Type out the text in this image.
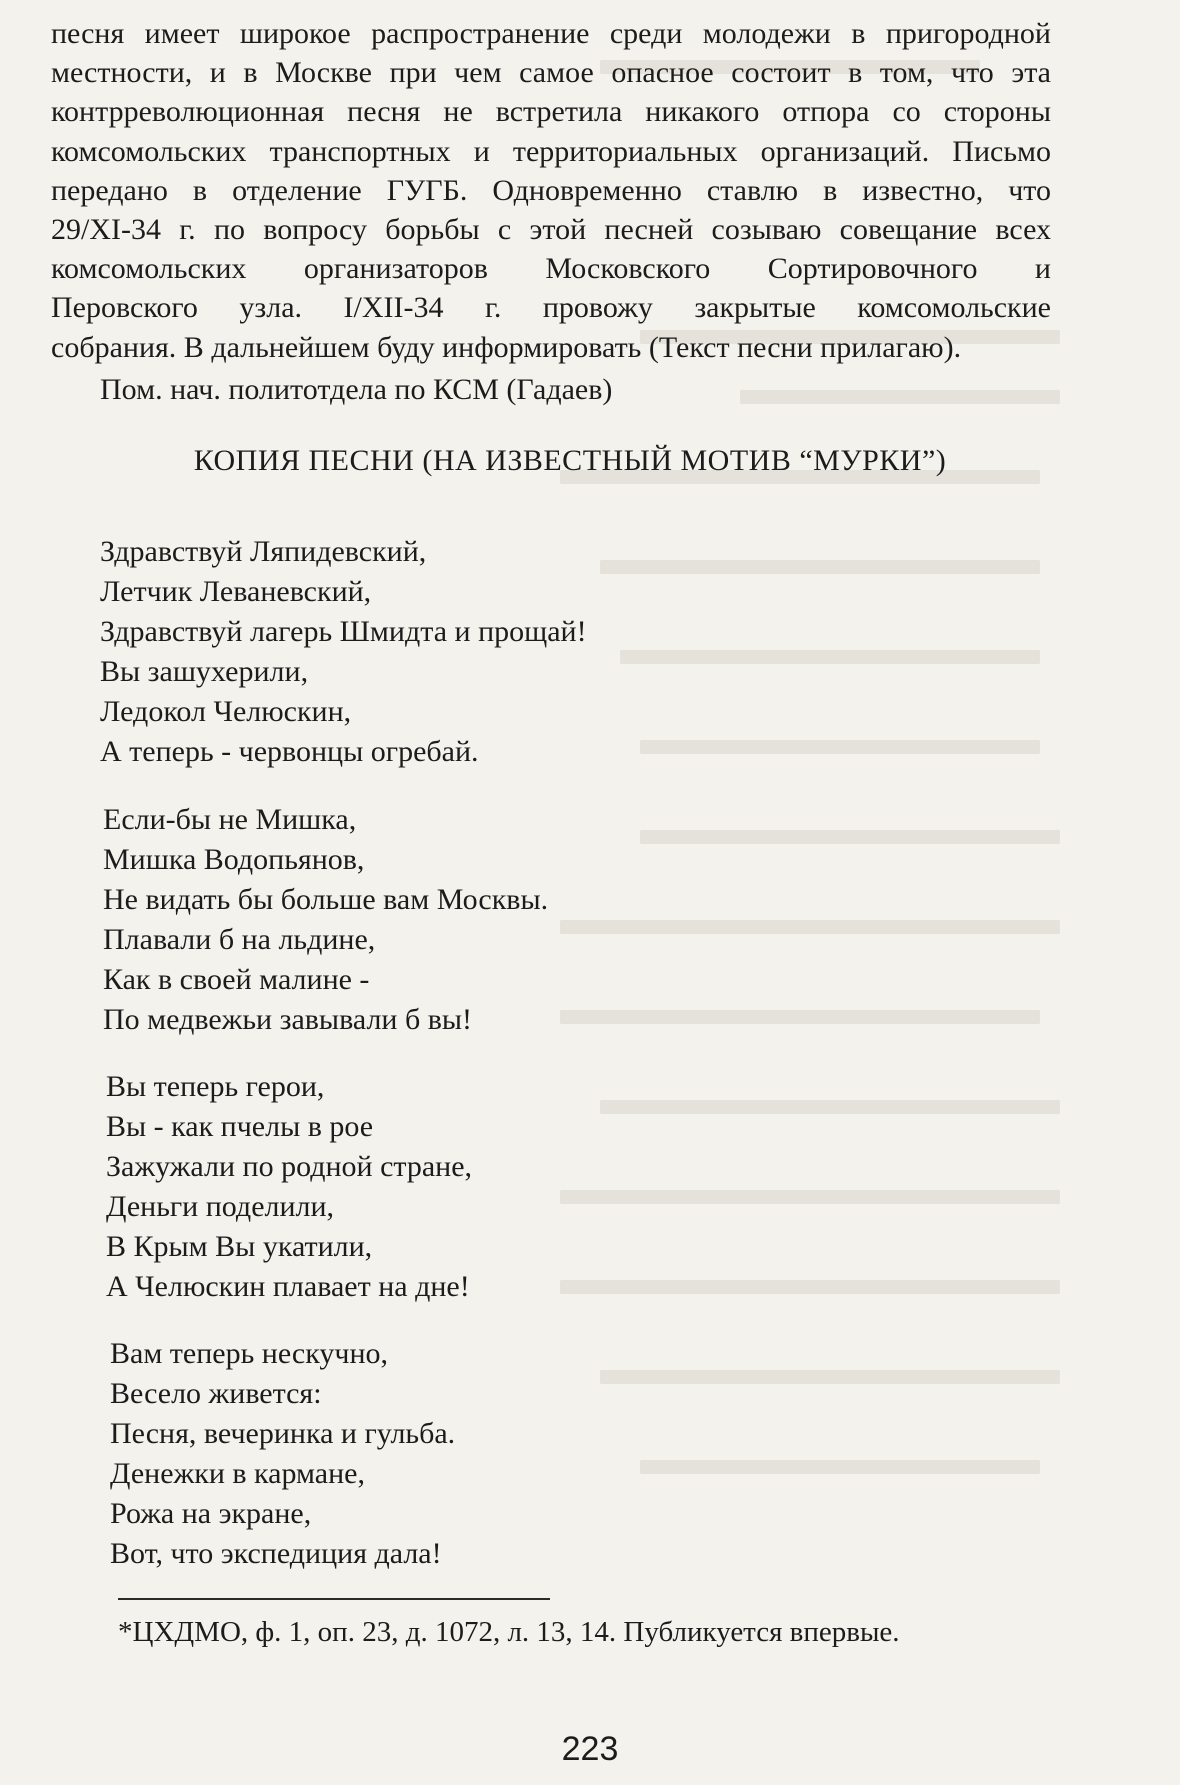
песня имеет широкое распространение среди молодежи в пригородной
местности, и в Москве при чем самое опасное состоит в том, что эта
контрреволюционная песня не встретила никакого отпора со стороны
комсомольских транспортных и территориальных организаций. Письмо
передано в отделение ГУГБ. Одновременно ставлю в известно, что
29/XI-34 г. по вопросу борьбы с этой песней созываю совещание всех
комсомольских организаторов Московского Сортировочного и
Перовского узла. I/XII-34 г. провожу закрытые комсомольские
собрания. В дальнейшем буду информировать (Текст песни прилагаю).

Пом. нач. политотдела по КСМ (Гадаев)

КОПИЯ ПЕСНИ (НА ИЗВЕСТНЫЙ МОТИВ “МУРКИ”)

Здравствуй Ляпидевский,
Летчик Леваневский,
Здравствуй лагерь Шмидта и прощай!
Вы зашухерили,
Ледокол Челюскин,
А теперь - червонцы огребай.
Если-бы не Мишка,
Мишка Водопьянов,
Не видать бы больше вам Москвы.
Плавали б на льдине,
Как в своей малине -
По медвежьи завывали б вы!
Вы теперь герои,
Вы - как пчелы в рое
Зажужали по родной стране,
Деньги поделили,
В Крым Вы укатили,
А Челюскин плавает на дне!
Вам теперь нескучно,
Весело живется:
Песня, вечеринка и гульба.
Денежки в кармане,
Рожа на экране,
Вот, что экспедиция дала!

*ЦХДМО, ф. 1, оп. 23, д. 1072, л. 13, 14. Публикуется впервые.

223
